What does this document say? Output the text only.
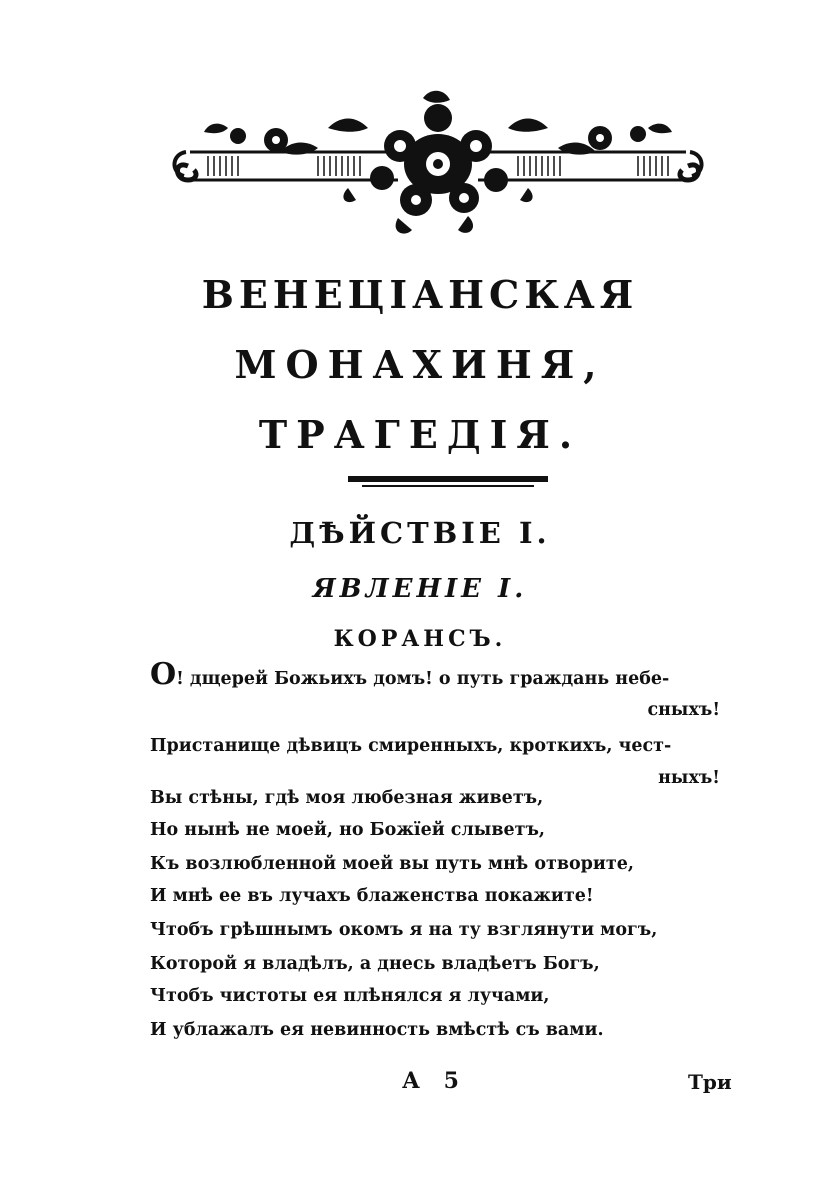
ВЕНЕЦІАНСКАЯ
МОНАХИНЯ,
ТРАГЕДІЯ.
ДѢЙСТВІЕ I.
ЯВЛЕНІЕ I.
КОРАНСЪ.
О! дщерей Божьихъ домъ! о путь граждань небе-
сныхъ!
Пристанище дѣвицъ смиренныхъ, кроткихъ, чест-
ныхъ!
Вы стѣны, гдѣ моя любезная живетъ,
Но нынѣ не моей, но Божїей слыветъ,
Къ возлюбленной моей вы путь мнѣ отворите,
И мнѣ ее въ лучахъ блаженства покажите!
Чтобъ грѣшнымъ окомъ я на ту взглянути могъ,
Которой я владѣлъ, а днесь владѣетъ Богъ,
Чтобъ чистоты ея плѣнялся я лучами,
И ублажалъ ея невинность вмѣстѣ съ вами.
А 5	Три
